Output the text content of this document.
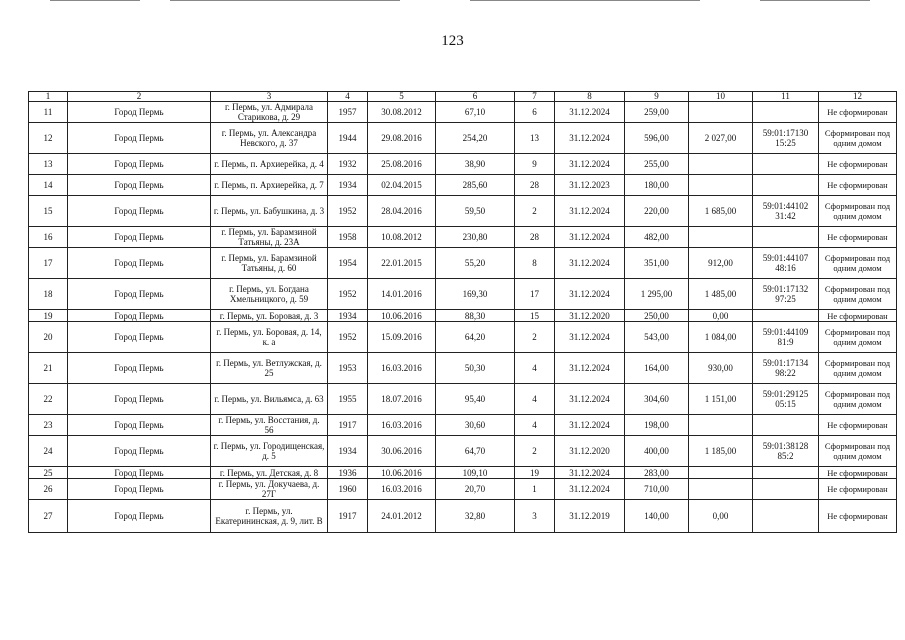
123
1	2	3	4	5	6	7	8	9	10	11	12
11	Город Пермь	г. Пермь, ул. Адмирала Старикова, д. 29	1957	30.08.2012	67,10	6	31.12.2024	259,00			Не сформирован
12	Город Пермь	г. Пермь, ул. Александра Невского, д. 37	1944	29.08.2016	254,20	13	31.12.2024	596,00	2 027,00	59:01:17130 15:25	Сформирован под одним домом
13	Город Пермь	г. Пермь, п. Архиерейка, д. 4	1932	25.08.2016	38,90	9	31.12.2024	255,00			Не сформирован
14	Город Пермь	г. Пермь, п. Архиерейка, д. 7	1934	02.04.2015	285,60	28	31.12.2023	180,00			Не сформирован
15	Город Пермь	г. Пермь, ул. Бабушкина, д. 3	1952	28.04.2016	59,50	2	31.12.2024	220,00	1 685,00	59:01:44102 31:42	Сформирован под одним домом
16	Город Пермь	г. Пермь, ул. Барамзиной Татьяны, д. 23А	1958	10.08.2012	230,80	28	31.12.2024	482,00			Не сформирован
17	Город Пермь	г. Пермь, ул. Барамзиной Татьяны, д. 60	1954	22.01.2015	55,20	8	31.12.2024	351,00	912,00	59:01:44107 48:16	Сформирован под одним домом
18	Город Пермь	г. Пермь, ул. Богдана Хмельницкого, д. 59	1952	14.01.2016	169,30	17	31.12.2024	1 295,00	1 485,00	59:01:17132 97:25	Сформирован под одним домом
19	Город Пермь	г. Пермь, ул. Боровая, д. 3	1934	10.06.2016	88,30	15	31.12.2020	250,00	0,00		Не сформирован
20	Город Пермь	г. Пермь, ул. Боровая, д. 14, к. а	1952	15.09.2016	64,20	2	31.12.2024	543,00	1 084,00	59:01:44109 81:9	Сформирован под одним домом
21	Город Пермь	г. Пермь, ул. Ветлужская, д. 25	1953	16.03.2016	50,30	4	31.12.2024	164,00	930,00	59:01:17134 98:22	Сформирован под одним домом
22	Город Пермь	г. Пермь, ул. Вильямса, д. 63	1955	18.07.2016	95,40	4	31.12.2024	304,60	1 151,00	59:01:29125 05:15	Сформирован под одним домом
23	Город Пермь	г. Пермь, ул. Восстания, д. 56	1917	16.03.2016	30,60	4	31.12.2024	198,00			Не сформирован
24	Город Пермь	г. Пермь, ул. Городищенская, д. 5	1934	30.06.2016	64,70	2	31.12.2020	400,00	1 185,00	59:01:38128 85:2	Сформирован под одним домом
25	Город Пермь	г. Пермь, ул. Детская, д. 8	1936	10.06.2016	109,10	19	31.12.2024	283,00			Не сформирован
26	Город Пермь	г. Пермь, ул. Докучаева, д. 27Г	1960	16.03.2016	20,70	1	31.12.2024	710,00			Не сформирован
27	Город Пермь	г. Пермь, ул. Екатерининская, д. 9, лит. В	1917	24.01.2012	32,80	3	31.12.2019	140,00	0,00		Не сформирован
